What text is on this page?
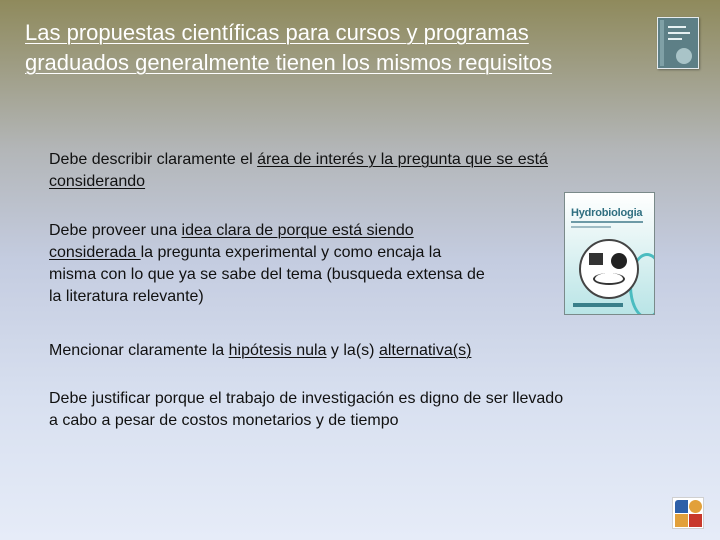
Las propuestas científicas para cursos y programas graduados generalmente tienen los mismos requisitos

Debe describir claramente el área de interés y la pregunta que se está considerando

Debe proveer una idea clara de porque está siendo considerada la pregunta experimental y como encaja la misma con lo que ya se sabe del tema (busqueda extensa de la literatura relevante)

Mencionar claramente la hipótesis nula y la(s) alternativa(s)

Debe justificar porque el trabajo de investigación es digno de ser llevado a cabo a pesar de costos monetarios y de tiempo

Hydrobiologia
